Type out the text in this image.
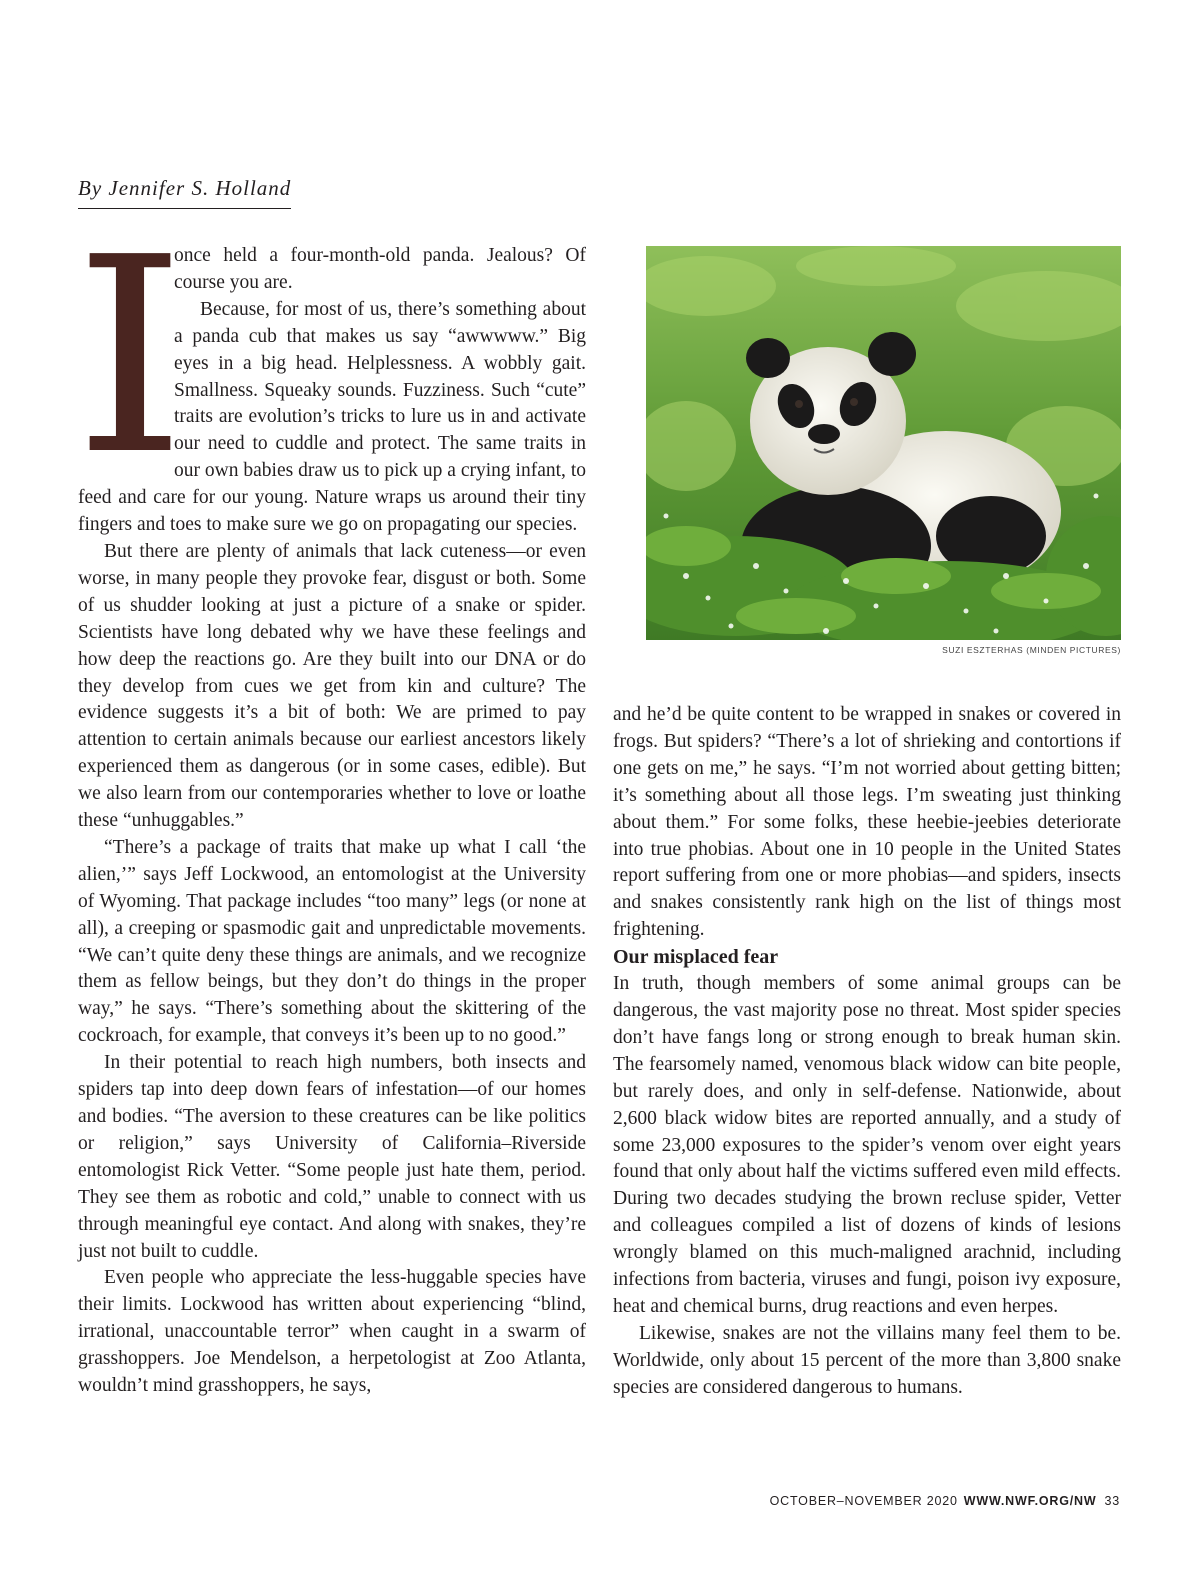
By Jennifer S. Holland
I

once held a four-month-old panda. Jealous? Of course you are.

Because, for most of us, there’s something about a panda cub that makes us say “awwwww.” Big eyes in a big head. Helplessness. A wobbly gait. Smallness. Squeaky sounds. Fuzziness. Such “cute” traits are evolution’s tricks to lure us in and activate our need to cuddle and protect. The same traits in our own babies draw us to pick up a crying infant, to feed and care for our young. Nature wraps us around their tiny fingers and toes to make sure we go on propagating our species.

But there are plenty of animals that lack cuteness—or even worse, in many people they provoke fear, disgust or both. Some of us shudder looking at just a picture of a snake or spider. Scientists have long debated why we have these feelings and how deep the reactions go. Are they built into our DNA or do they develop from cues we get from kin and culture? The evidence suggests it’s a bit of both: We are primed to pay attention to certain animals because our earliest ancestors likely experienced them as dangerous (or in some cases, edible). But we also learn from our contemporaries whether to love or loathe these “unhuggables.”

“There’s a package of traits that make up what I call ‘the alien,’” says Jeff Lockwood, an entomologist at the University of Wyoming. That package includes “too many” legs (or none at all), a creeping or spasmodic gait and unpredictable movements. “We can’t quite deny these things are animals, and we recognize them as fellow beings, but they don’t do things in the proper way,” he says. “There’s something about the skittering of the cockroach, for example, that conveys it’s been up to no good.”

In their potential to reach high numbers, both insects and spiders tap into deep down fears of infestation—of our homes and bodies. “The aversion to these creatures can be like politics or religion,” says University of California–Riverside entomologist Rick Vetter. “Some people just hate them, period. They see them as robotic and cold,” unable to connect with us through meaningful eye contact. And along with snakes, they’re just not built to cuddle.

Even people who appreciate the less-huggable species have their limits. Lockwood has written about experiencing “blind, irrational, unaccountable terror” when caught in a swarm of grasshoppers. Joe Mendelson, a herpetologist at Zoo Atlanta, wouldn’t mind grasshoppers, he says,

SUZI ESZTERHAS (MINDEN PICTURES)

and he’d be quite content to be wrapped in snakes or covered in frogs. But spiders? “There’s a lot of shrieking and contortions if one gets on me,” he says. “I’m not worried about getting bitten; it’s something about all those legs. I’m sweating just thinking about them.” For some folks, these heebie-jeebies deteriorate into true phobias. About one in 10 people in the United States report suffering from one or more phobias—and spiders, insects and snakes consistently rank high on the list of things most frightening.

Our misplaced fear

In truth, though members of some animal groups can be dangerous, the vast majority pose no threat. Most spider species don’t have fangs long or strong enough to break human skin. The fearsomely named, venomous black widow can bite people, but rarely does, and only in self-defense. Nationwide, about 2,600 black widow bites are reported annually, and a study of some 23,000 exposures to the spider’s venom over eight years found that only about half the victims suffered even mild effects. During two decades studying the brown recluse spider, Vetter and colleagues compiled a list of dozens of kinds of lesions wrongly blamed on this much-maligned arachnid, including infections from bacteria, viruses and fungi, poison ivy exposure, heat and chemical burns, drug reactions and even herpes.

Likewise, snakes are not the villains many feel them to be. Worldwide, only about 15 percent of the more than 3,800 snake species are considered dangerous to humans.

OCTOBER–NOVEMBER 2020 WWW.NWF.ORG/NW 33
